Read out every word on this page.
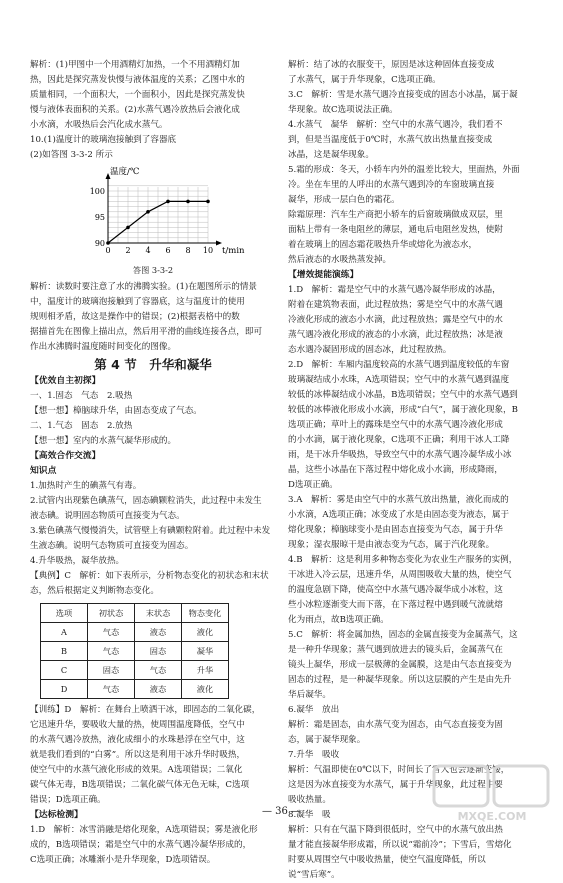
解析：(1)甲图中一个用酒精灯加热，一个不用酒精灯加

热，因此是探究蒸发快慢与液体温度的关系；乙图中水的

质量相同，一个面积大，一个面积小，因此是探究蒸发快

慢与液体表面积的关系。(2)水蒸气遇冷放热后会液化成

小水滴，水吸热后会汽化成水蒸气。

10.(1)温度计的玻璃泡接触到了容器底

(2)如答图 3-3-2 所示

0 2 4 6 8 10
90
95
100
温度/℃
t/min

答图 3-3-2

解析：读数时要注意了水的沸腾实验。(1)在题图所示的情景

中，温度计的玻璃泡接触到了容器底，这与温度计的使用

规则相矛盾，故这是操作中的错误；(2)根据表格中的数

据描首先在图像上描出点，然后用平滑的曲线连接各点，即可

作出水沸腾时温度随时间变化的图像。

第 4 节　升华和凝华
【优效自主初探】

一、1.固态　气态　2.吸热

【想一想】樟脑球升华，由固态变成了气态。

二、1.气态　固态　2.放热

【想一想】室内的水蒸气凝华形成的。

【高效合作交流】
知识点

1.加热时产生的碘蒸气有毒。

2.试管内出现紫色碘蒸气，固态碘颗粒消失，此过程中未发生

液态碘。说明固态物质可直接变为气态。

3.紫色碘蒸气慢慢消失，试管壁上有碘颗粒附着。此过程中未发

生液态碘。说明气态物质可直接变为固态。

4.升华吸热，凝华放热。

【典例】C　解析：如下表所示，分析物态变化的初状态和末状

态，然后根据定义判断物态变化。

选项	初状态	末状态	物态变化
A	气态	液态	液化
B	气态	固态	凝华
C	固态	气态	升华
D	气态	液态	液化

【训练】D　解析：在舞台上喷洒干冰，即固态的二氧化碳，

它迅速升华，要吸收大量的热，使周围温度降低，空气中

的水蒸气遇冷放热，液化成细小的水珠悬浮在空气中，这

就是我们看到的“白雾”。所以这是利用干冰升华时吸热，

使空气中的水蒸气液化形成的效果。A选项错误；二氧化

碳气体无毒，B选项错误；二氧化碳气体无色无味，C选项

错误；D选项正确。

【达标检测】

1.D　解析：冰雪消融是熔化现象，A选项错误；雾是液化形

成的，B选项错误；霜是空气中的水蒸气遇冷凝华形成的，

C选项正确；冰雕渐小是升华现象，D选项错误。

解析：结了冰的衣服变干，原因是冰这种固体直接变成

了水蒸气，属于升华现象，C选项正确。

3.C　解析：雪是水蒸气遇冷直接变成的固态小冰晶，属于凝

华现象。故C选项说法正确。

4.水蒸气　凝华　解析：空气中的水蒸气遇冷，我们看不

到，但是当温度低于0℃时，水蒸气放出热量直接变成

冰晶，这是凝华现象。

5.霜的形成：冬天，小轿车内外的温差比较大，里面热，外面

冷。坐在车里的人呼出的水蒸气遇到冷的车窗玻璃直接

凝华，形成一层白色的霜花。

除霜原理：汽车生产商把小轿车的后窗玻璃做成双层，里

面粘上带有一条电阻丝的薄层，通电后电阻丝发热，使附

着在玻璃上的固态霜花吸热升华或熔化为液态水，

然后液态的水吸热蒸发掉。

【增效提能演练】

1.D　解析：霜是空气中的水蒸气遇冷凝华形成的冰晶，

附着在建筑物表面，此过程放热；雾是空气中的水蒸气遇

冷液化形成的液态小水滴，此过程放热；露是空气中的水

蒸气遇冷液化形成的液态的小水滴，此过程放热；冰是液

态水遇冷凝固形成的固态冰，此过程放热。

2.D　解析：车厢内温度较高的水蒸气遇到温度较低的车窗

玻璃凝结成小水珠，A选项错误；空气中的水蒸气遇到温度

较低的冰棒凝结成小冰晶，B选项错误；空气中的水蒸气遇到

较低的冰棒液化形成小水滴，形成“白气”，属于液化现象，B

选项正确；草叶上的露珠是空气中的水蒸气遇冷液化形成

的小水滴，属于液化现象，C选项不正确；利用干冰人工降

雨，是干冰升华吸热，导致空气中的水蒸气遇冷凝华成小冰

晶，这些小冰晶在下落过程中熔化成小水滴，形成降雨，

D选项正确。

3.A　解析：雾是由空气中的水蒸气放出热量，液化而成的

小水滴，A选项正确；冰变成了水是由固态变为液态，属于

熔化现象；樟脑球变小是由固态直接变为气态，属于升华

现象；湿衣服晾干是由液态变为气态，属于汽化现象。

4.B　解析：这是利用多种物态变化为农业生产服务的实例，

干冰进入冷云层，迅速升华，从周围吸收大量的热，使空气

的温度急剧下降，使高空中水蒸气遇冷凝华成小冰粒，这

些小冰粒逐渐变大而下落，在下落过程中遇到暖气流就熔

化为雨点，故B选项正确。

5.C　解析：将金属加热，固态的金属直接变为金属蒸气，这

是一种升华现象；蒸气遇到放进去的镜头后，金属蒸气在

镜头上凝华，形成一层极薄的金属膜，这是由气态直接变为

固态的过程，是一种凝华现象。所以这层膜的产生是由先升

华后凝华。

6.凝华　放出

解析：霜是固态，由水蒸气变为固态，由气态直接变为固

态，属于凝华现象。

7.升华　吸收

解析：气温即使在0℃以下，时间长了雪人也会逐渐变矮，

这是因为冰直接变为水蒸气，属于升华现象，此过程中要

吸收热量。

8.凝华　吸

解析：只有在气温下降到很低时，空气中的水蒸气放出热

量才能直接凝华形成霜，所以说“霜前冷”；下雪后，雪熔化

时要从周围空气中吸收热量，使空气温度降低，所以

说“雪后寒”。

— 36 —	MXQE.COM
